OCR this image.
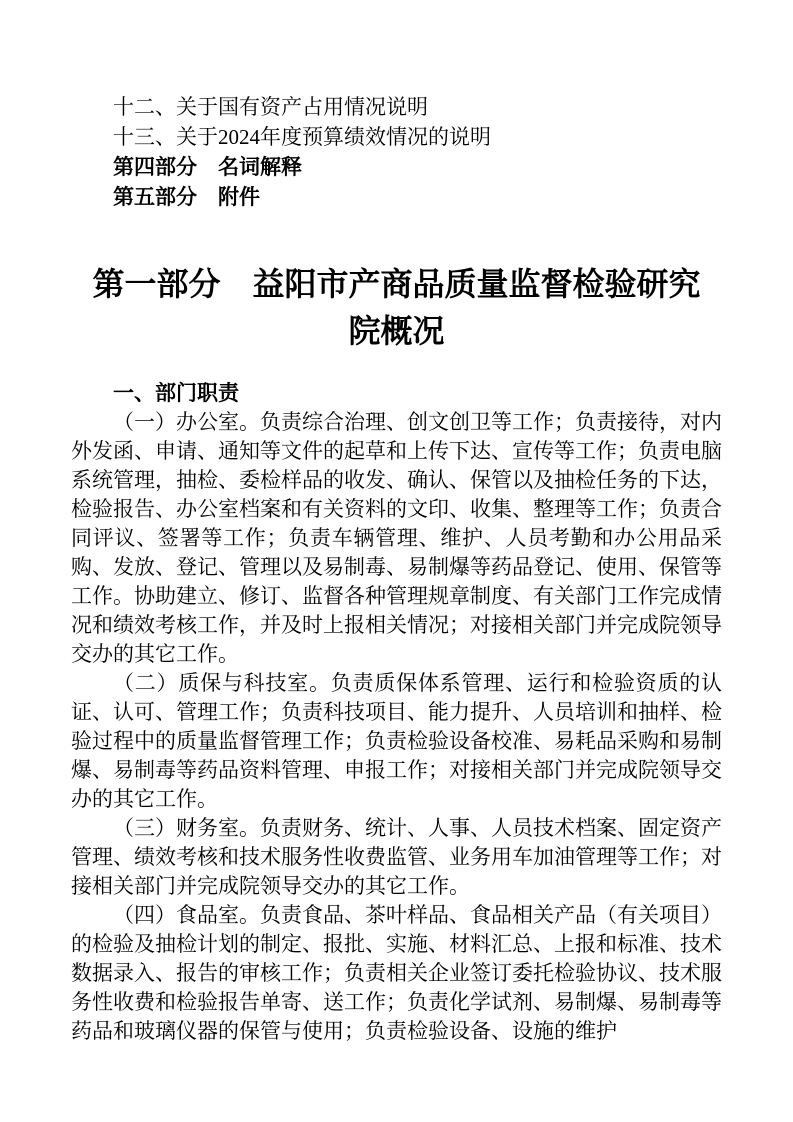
十二、关于国有资产占用情况说明
十三、关于2024年度预算绩效情况的说明
第四部分　名词解释
第五部分　附件
第一部分　益阳市产商品质量监督检验研究院概况
一、部门职责

（一）办公室。负责综合治理、创文创卫等工作；负责接待，对内外发函、申请、通知等文件的起草和上传下达、宣传等工作；负责电脑系统管理，抽检、委检样品的收发、确认、保管以及抽检任务的下达，检验报告、办公室档案和有关资料的文印、收集、整理等工作；负责合同评议、签署等工作；负责车辆管理、维护、人员考勤和办公用品采购、发放、登记、管理以及易制毒、易制爆等药品登记、使用、保管等工作。协助建立、修订、监督各种管理规章制度、有关部门工作完成情况和绩效考核工作，并及时上报相关情况；对接相关部门并完成院领导交办的其它工作。

（二）质保与科技室。负责质保体系管理、运行和检验资质的认证、认可、管理工作；负责科技项目、能力提升、人员培训和抽样、检验过程中的质量监督管理工作；负责检验设备校准、易耗品采购和易制爆、易制毒等药品资料管理、申报工作；对接相关部门并完成院领导交办的其它工作。

（三）财务室。负责财务、统计、人事、人员技术档案、固定资产管理、绩效考核和技术服务性收费监管、业务用车加油管理等工作；对接相关部门并完成院领导交办的其它工作。

（四）食品室。负责食品、茶叶样品、食品相关产品（有关项目）的检验及抽检计划的制定、报批、实施、材料汇总、上报和标准、技术数据录入、报告的审核工作；负责相关企业签订委托检验协议、技术服务性收费和检验报告单寄、送工作；负责化学试剂、易制爆、易制毒等药品和玻璃仪器的保管与使用；负责检验设备、设施的维护
